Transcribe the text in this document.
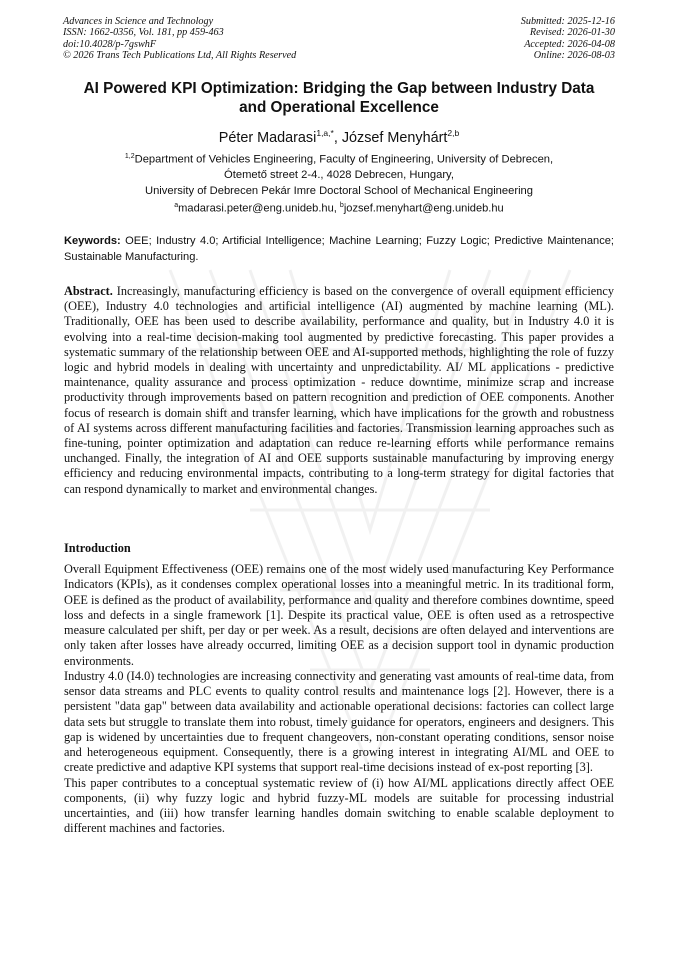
Advances in Science and Technology
ISSN: 1662-0356, Vol. 181, pp 459-463
doi:10.4028/p-7gswhF
© 2026 Trans Tech Publications Ltd, All Rights Reserved
Submitted: 2025-12-16
Revised: 2026-01-30
Accepted: 2026-04-08
Online: 2026-08-03
AI Powered KPI Optimization: Bridging the Gap between Industry Data
and Operational Excellence
Péter Madarasi$^{1,a,*}$, József Menyhárt$^{2,b}$
$^{1,2}$Department of Vehicles Engineering, Faculty of Engineering, University of Debrecen,
Ótemető street 2-4., 4028 Debrecen, Hungary,
University of Debrecen Pekár Imre Doctoral School of Mechanical Engineering
$^a$madarasi.peter@eng.unideb.hu, $^b$jozsef.menyhart@eng.unideb.hu
Keywords: OEE; Industry 4.0; Artificial Intelligence; Machine Learning; Fuzzy Logic; Predictive Maintenance; Sustainable Manufacturing.
Abstract. Increasingly, manufacturing efficiency is based on the convergence of overall equipment efficiency (OEE), Industry 4.0 technologies and artificial intelligence (AI) augmented by machine learning (ML). Traditionally, OEE has been used to describe availability, performance and quality, but in Industry 4.0 it is evolving into a real-time decision-making tool augmented by predictive forecasting. This paper provides a systematic summary of the relationship between OEE and AI-supported methods, highlighting the role of fuzzy logic and hybrid models in dealing with uncertainty and unpredictability. AI/ ML applications - predictive maintenance, quality assurance and process optimization - reduce downtime, minimize scrap and increase productivity through improvements based on pattern recognition and prediction of OEE components. Another focus of research is domain shift and transfer learning, which have implications for the growth and robustness of AI systems across different manufacturing facilities and factories. Transmission learning approaches such as fine-tuning, pointer optimization and adaptation can reduce re-learning efforts while performance remains unchanged. Finally, the integration of AI and OEE supports sustainable manufacturing by improving energy efficiency and reducing environmental impacts, contributing to a long-term strategy for digital factories that can respond dynamically to market and environmental changes.
Introduction

Overall Equipment Effectiveness (OEE) remains one of the most widely used manufacturing Key Performance Indicators (KPIs), as it condenses complex operational losses into a meaningful metric. In its traditional form, OEE is defined as the product of availability, performance and quality and therefore combines downtime, speed loss and defects in a single framework [1]. Despite its practical value, OEE is often used as a retrospective measure calculated per shift, per day or per week. As a result, decisions are often delayed and interventions are only taken after losses have already occurred, limiting OEE as a decision support tool in dynamic production environments.

Industry 4.0 (I4.0) technologies are increasing connectivity and generating vast amounts of real-time data, from sensor data streams and PLC events to quality control results and maintenance logs [2]. However, there is a persistent "data gap" between data availability and actionable operational decisions: factories can collect large data sets but struggle to translate them into robust, timely guidance for operators, engineers and designers. This gap is widened by uncertainties due to frequent changeovers, non-constant operating conditions, sensor noise and heterogeneous equipment. Consequently, there is a growing interest in integrating AI/ML and OEE to create predictive and adaptive KPI systems that support real-time decisions instead of ex-post reporting [3].

This paper contributes to a conceptual systematic review of (i) how AI/ML applications directly affect OEE components, (ii) why fuzzy logic and hybrid fuzzy-ML models are suitable for processing industrial uncertainties, and (iii) how transfer learning handles domain switching to enable scalable deployment to different machines and factories.
